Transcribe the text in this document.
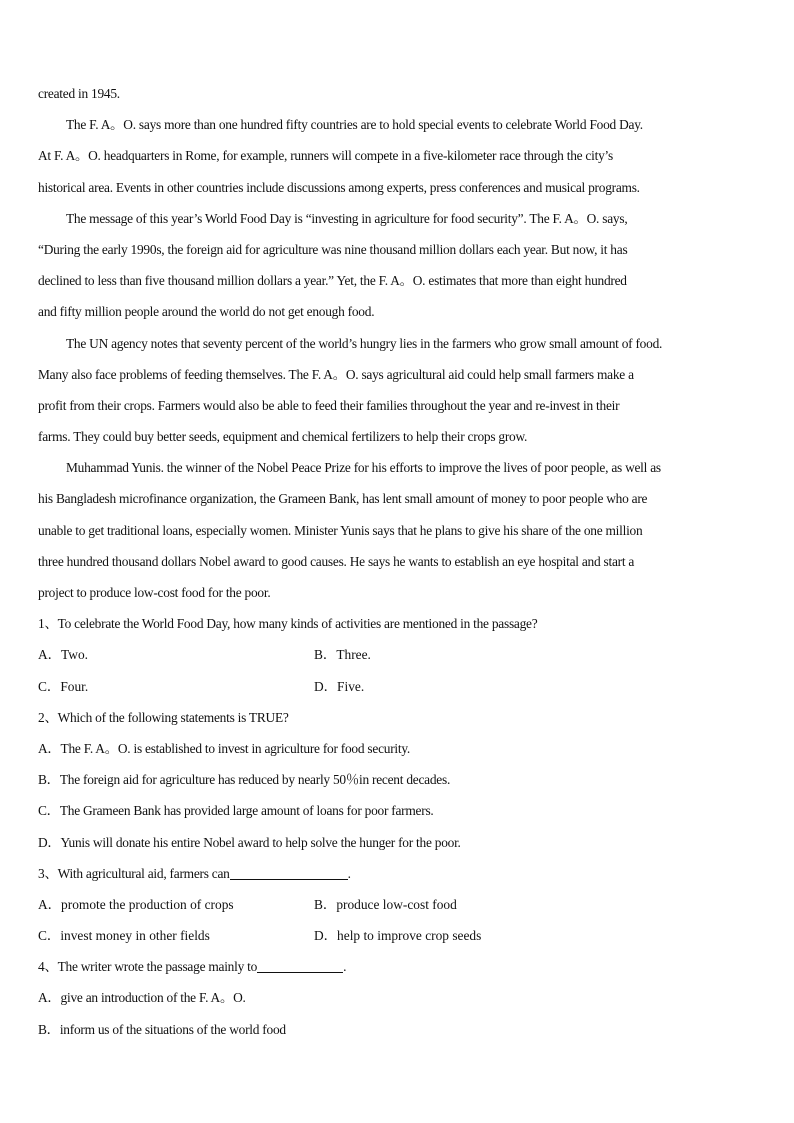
created in 1945.
The F. A。O. says more than one hundred fifty countries are to hold special events to celebrate World Food Day.
At F. A。O. headquarters in Rome, for example, runners will compete in a five-kilometer race through the city’s
historical area. Events in other countries include discussions among experts, press conferences and musical programs.
The message of this year’s World Food Day is “investing in agriculture for food security”. The F. A。O. says,
“During the early 1990s, the foreign aid for agriculture was nine thousand million dollars each year. But now, it has
declined to less than five thousand million dollars a year.” Yet, the F. A。O. estimates that more than eight hundred
and fifty million people around the world do not get enough food.
The UN agency notes that seventy percent of the world’s hungry lies in the farmers who grow small amount of food.
Many also face problems of feeding themselves. The F. A。O. says agricultural aid could help small farmers make a
profit from their crops. Farmers would also be able to feed their families throughout the year and re-invest in their
farms. They could buy better seeds, equipment and chemical fertilizers to help their crops grow.
Muhammad Yunis. the winner of the Nobel Peace Prize for his efforts to improve the lives of poor people, as well as
his Bangladesh microfinance organization, the Grameen Bank, has lent small amount of money to poor people who are
unable to get traditional loans, especially women. Minister Yunis says that he plans to give his share of the one million
three hundred thousand dollars Nobel award to good causes. He says he wants to establish an eye hospital and start a
project to produce low-cost food for the poor.
1、To celebrate the World Food Day, how many kinds of activities are mentioned in the passage?
A．Two.	B．Three.
C．Four.	D．Five.
2、Which of the following statements is TRUE?
A．The F. A。O. is established to invest in agriculture for food security.
B．The foreign aid for agriculture has reduced by nearly 50％in recent decades.
C．The Grameen Bank has provided large amount of loans for poor farmers.
D．Yunis will donate his entire Nobel award to help solve the hunger for the poor.
3、With agricultural aid, farmers can	.
A．promote the production of crops	B．produce low-cost food
C．invest money in other fields	D．help to improve crop seeds
4、The writer wrote the passage mainly to	.
A．give an introduction of the F. A。O.
B．inform us of the situations of the world food
